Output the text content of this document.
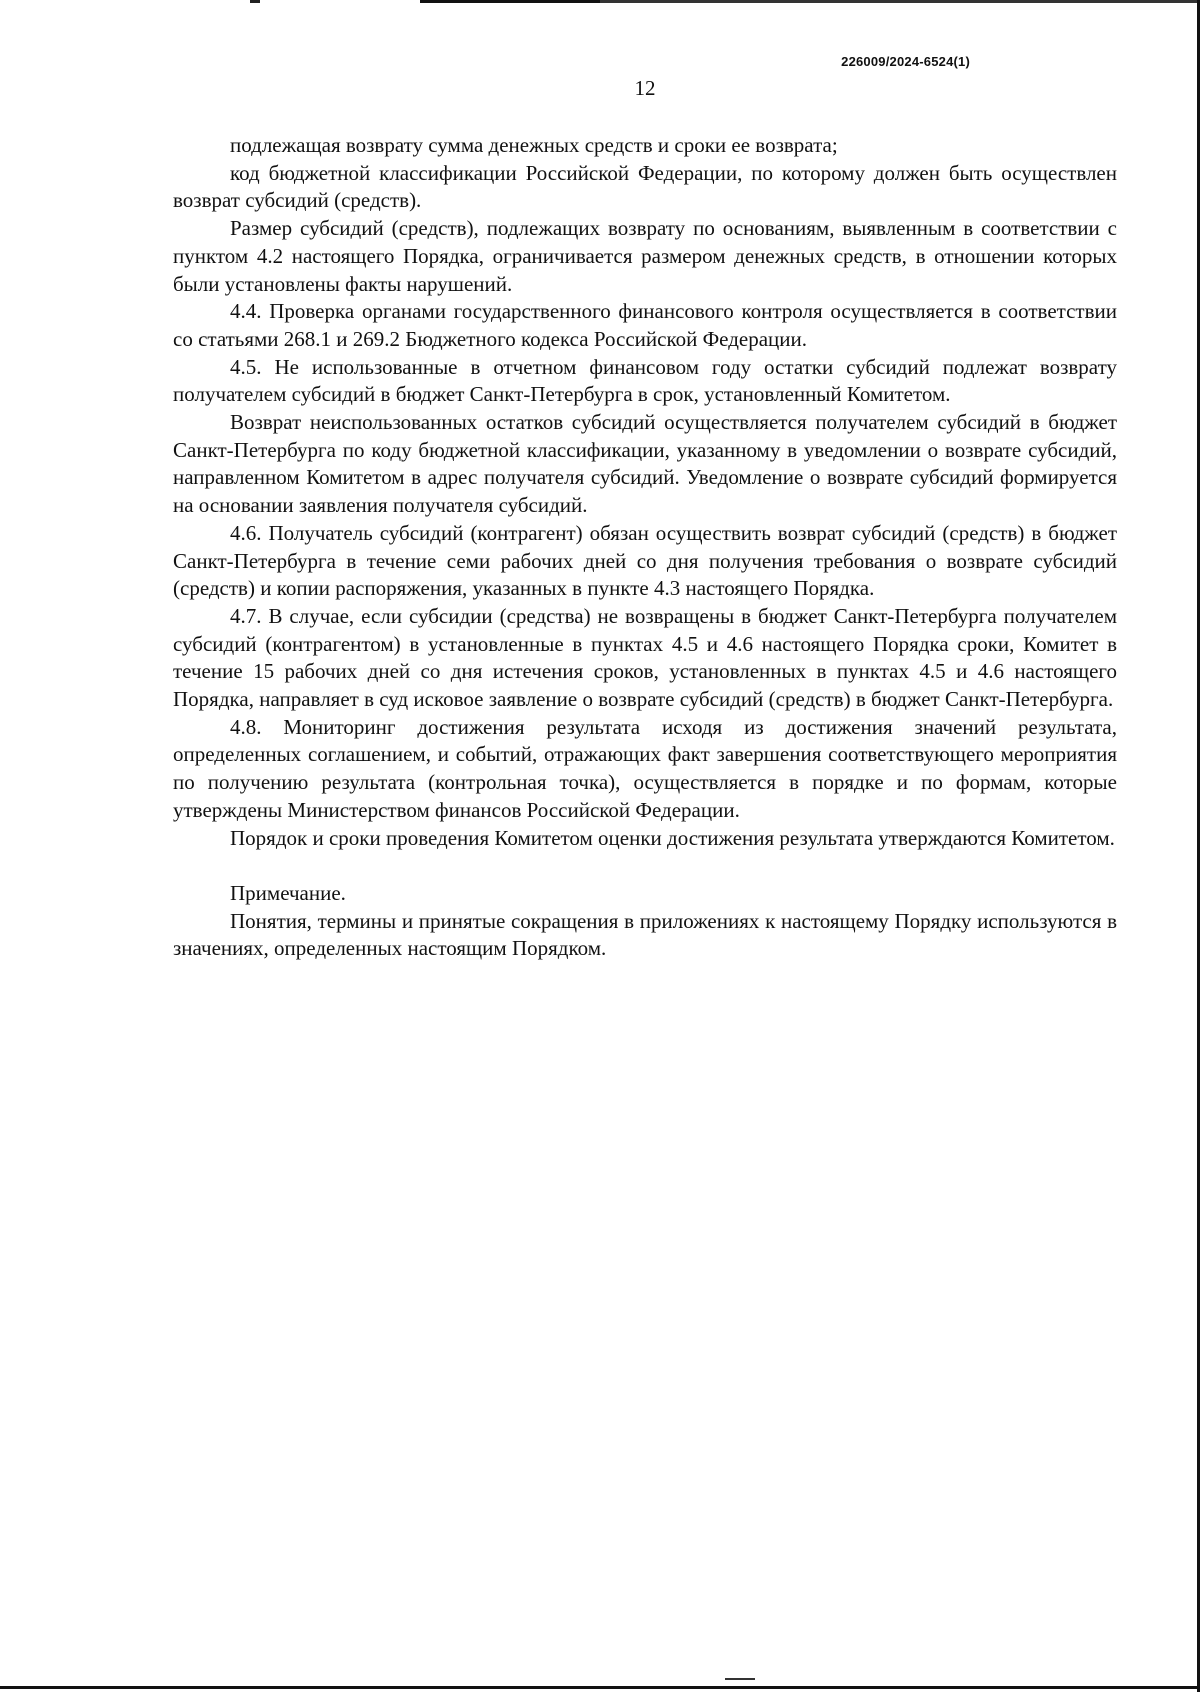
226009/2024-6524(1)
12

подлежащая возврату сумма денежных средств и сроки ее возврата;

код бюджетной классификации Российской Федерации, по которому должен быть осуществлен возврат субсидий (средств).

Размер субсидий (средств), подлежащих возврату по основаниям, выявленным в соответствии с пунктом 4.2 настоящего Порядка, ограничивается размером денежных средств, в отношении которых были установлены факты нарушений.

4.4. Проверка органами государственного финансового контроля осуществляется в соответствии со статьями 268.1 и 269.2 Бюджетного кодекса Российской Федерации.

4.5. Не использованные в отчетном финансовом году остатки субсидий подлежат возврату получателем субсидий в бюджет Санкт-Петербурга в срок, установленный Комитетом.

Возврат неиспользованных остатков субсидий осуществляется получателем субсидий в бюджет Санкт-Петербурга по коду бюджетной классификации, указанному в уведомлении о возврате субсидий, направленном Комитетом в адрес получателя субсидий. Уведомление о возврате субсидий формируется на основании заявления получателя субсидий.

4.6. Получатель субсидий (контрагент) обязан осуществить возврат субсидий (средств) в бюджет Санкт-Петербурга в течение семи рабочих дней со дня получения требования о возврате субсидий (средств) и копии распоряжения, указанных в пункте 4.3 настоящего Порядка.

4.7. В случае, если субсидии (средства) не возвращены в бюджет Санкт-Петербурга получателем субсидий (контрагентом) в установленные в пунктах 4.5 и 4.6 настоящего Порядка сроки, Комитет в течение 15 рабочих дней со дня истечения сроков, установленных в пунктах 4.5 и 4.6 настоящего Порядка, направляет в суд исковое заявление о возврате субсидий (средств) в бюджет Санкт-Петербурга.

4.8. Мониторинг достижения результата исходя из достижения значений результата, определенных соглашением, и событий, отражающих факт завершения соответствующего мероприятия по получению результата (контрольная точка), осуществляется в порядке и по формам, которые утверждены Министерством финансов Российской Федерации.

Порядок и сроки проведения Комитетом оценки достижения результата утверждаются Комитетом.

Примечание.

Понятия, термины и принятые сокращения в приложениях к настоящему Порядку используются в значениях, определенных настоящим Порядком.
